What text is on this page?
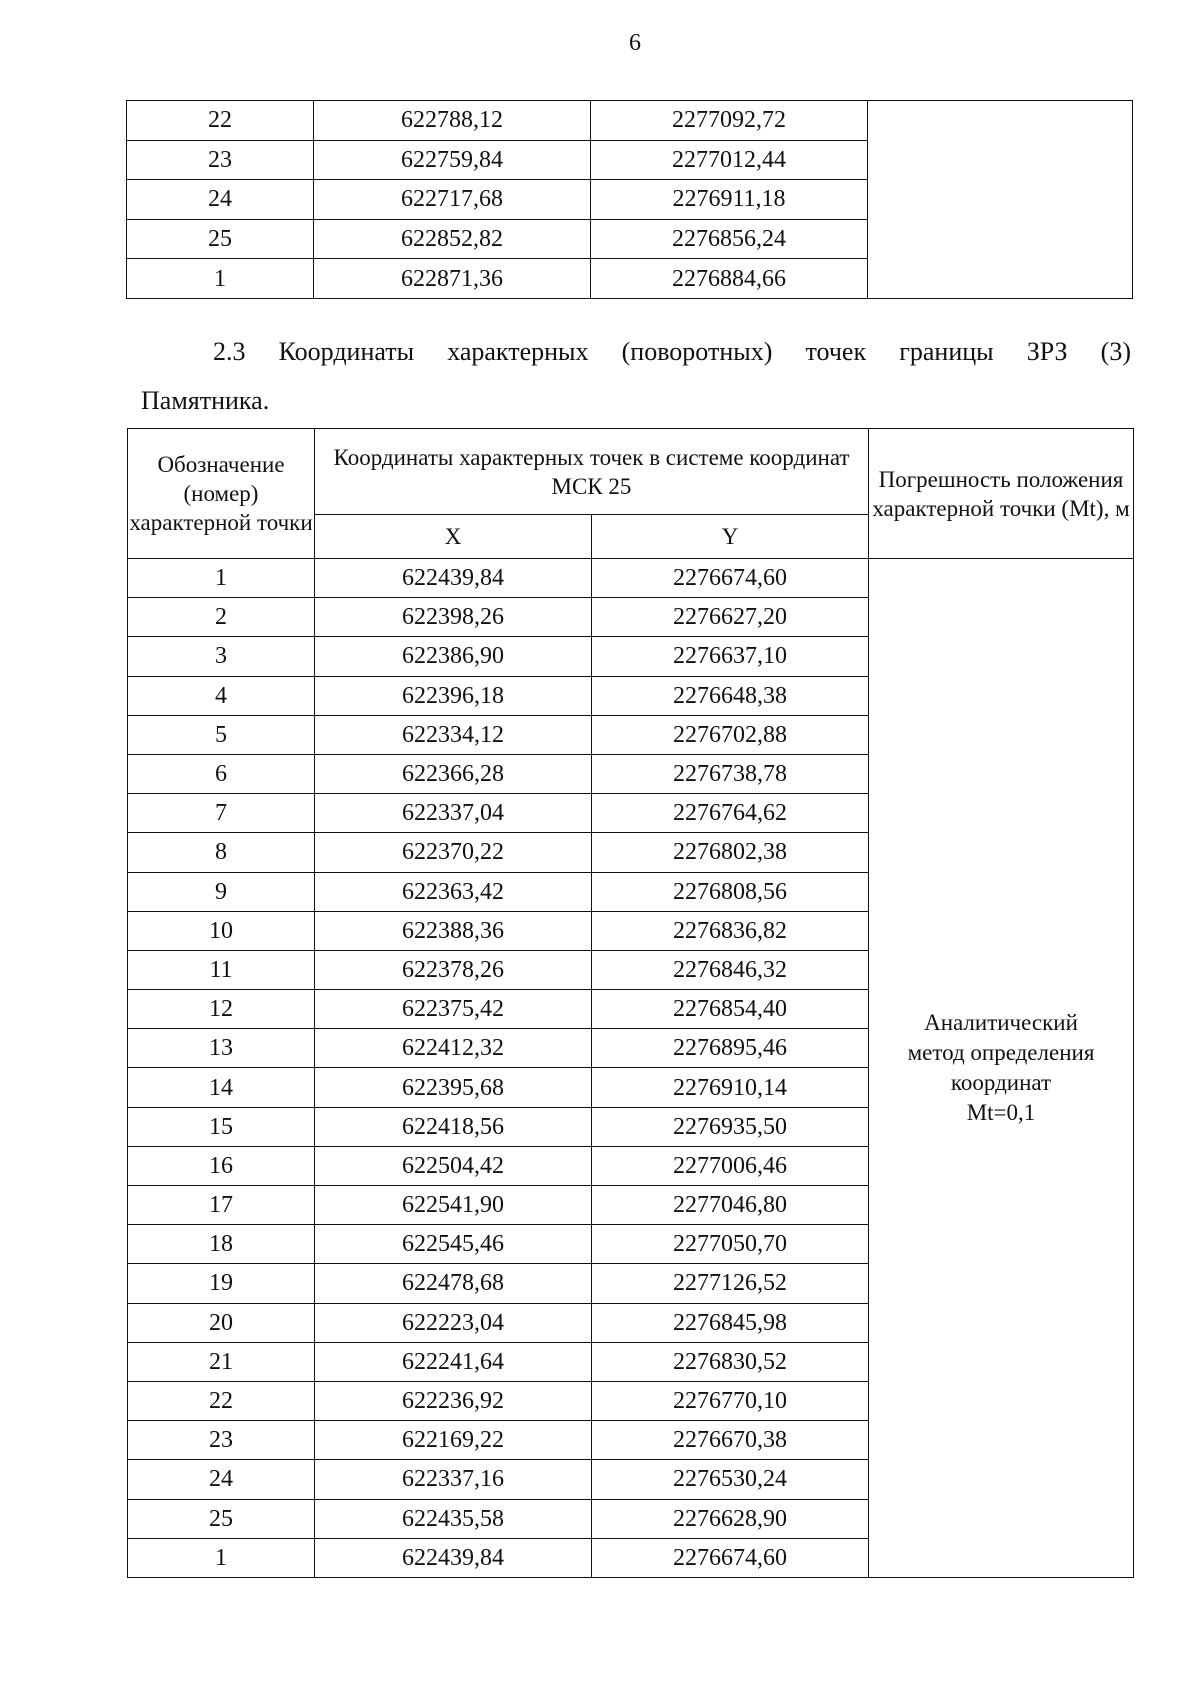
6
22	622788,12	2277092,72	
23	622759,84	2277012,44	
24	622717,68	2276911,18	
25	622852,82	2276856,24	
1	622871,36	2276884,66	
2.3 Координаты характерных (поворотных) точек границы ЗРЗ (3)
Памятника.
Обозначение (номер) характерной точки	Координаты характерных точек в системе координат МСК 25		Погрешность положения характерной точки (Mt), м
	X	Y	
1	622439,84	2276674,60	Аналитический
метод определения
координат
Mt=0,1

2	622398,26	2276627,20	
3	622386,90	2276637,10	
4	622396,18	2276648,38	
5	622334,12	2276702,88	
6	622366,28	2276738,78	
7	622337,04	2276764,62	
8	622370,22	2276802,38	
9	622363,42	2276808,56	
10	622388,36	2276836,82	
11	622378,26	2276846,32	
12	622375,42	2276854,40	
13	622412,32	2276895,46	
14	622395,68	2276910,14	
15	622418,56	2276935,50	
16	622504,42	2277006,46	
17	622541,90	2277046,80	
18	622545,46	2277050,70	
19	622478,68	2277126,52	
20	622223,04	2276845,98	
21	622241,64	2276830,52	
22	622236,92	2276770,10	
23	622169,22	2276670,38	
24	622337,16	2276530,24	
25	622435,58	2276628,90	
1	622439,84	2276674,60	
